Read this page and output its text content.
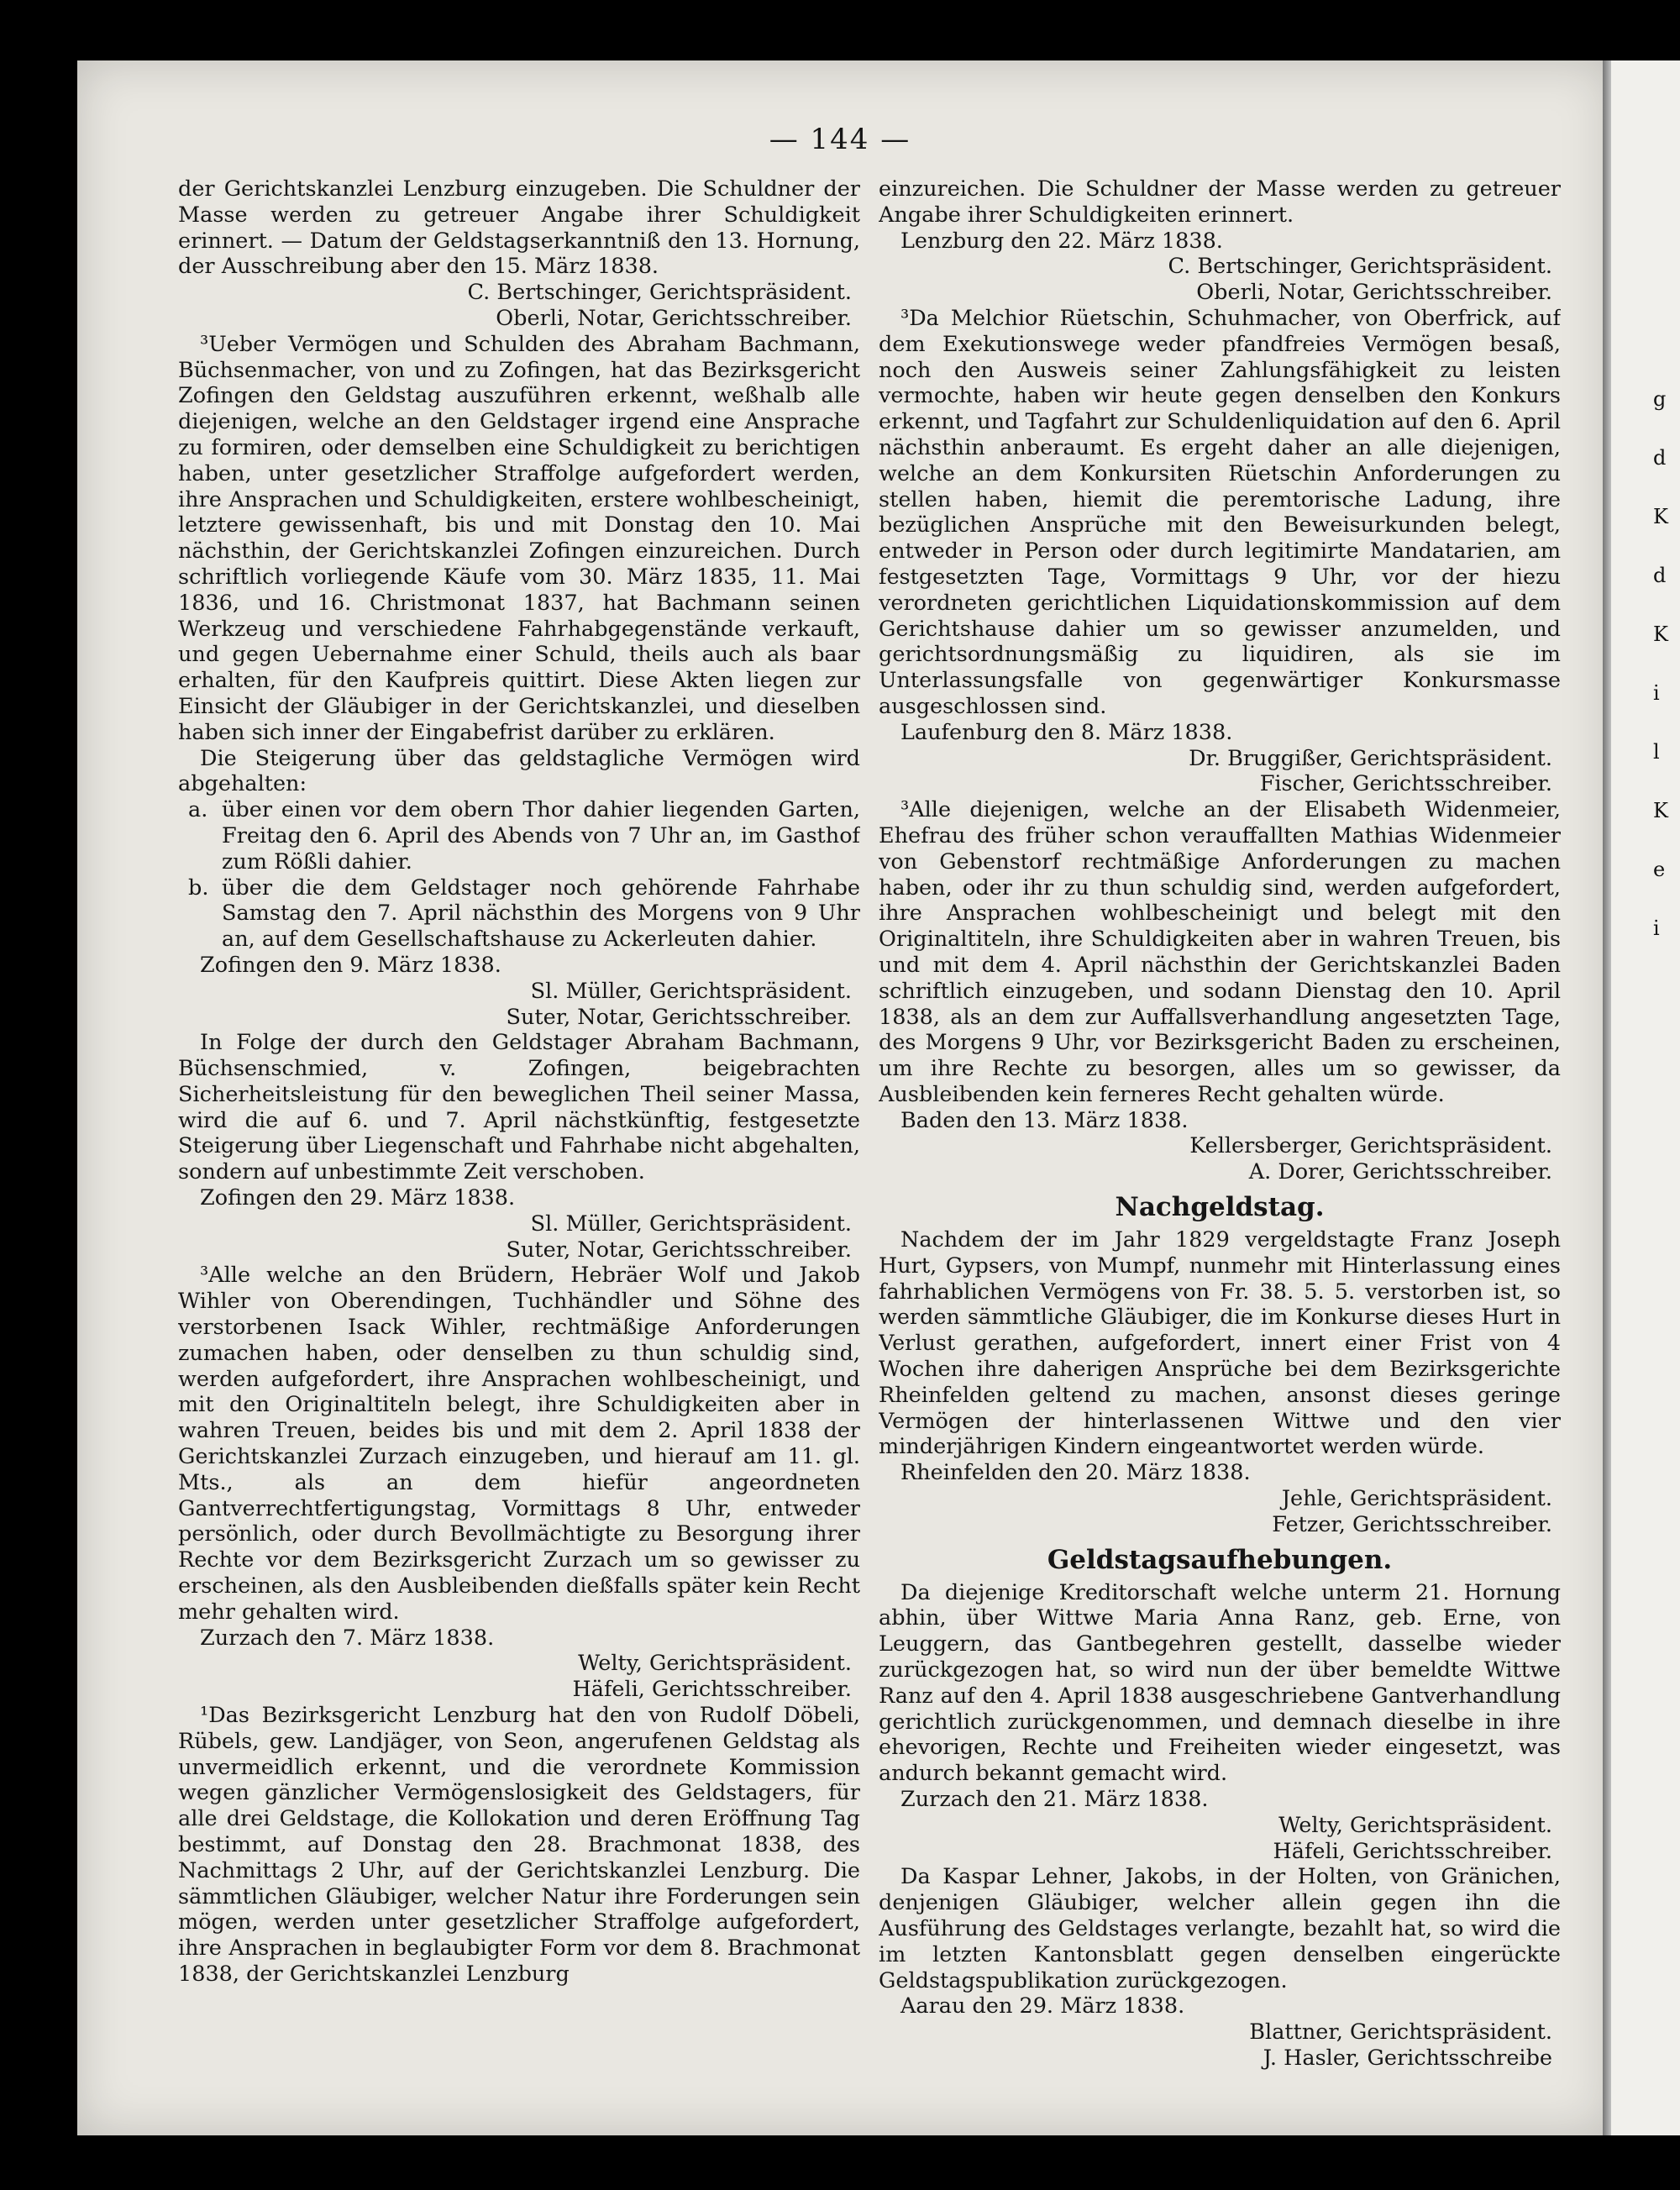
g
d
K
d
K
i
l
K
e
i
— 144 —

der Gerichtskanzlei Lenzburg einzugeben. Die Schuldner der Masse werden zu getreuer Angabe ihrer Schuldigkeit erinnert. — Datum der Geldstagserkanntniß den 13. Hornung, der Ausschreibung aber den 15. März 1838.

C. Bertschinger, Gerichtspräsident.

Oberli, Notar, Gerichtsschreiber.

³Ueber Vermögen und Schulden des Abraham Bachmann, Büchsenmacher, von und zu Zofingen, hat das Bezirksgericht Zofingen den Geldstag auszuführen erkennt, weßhalb alle diejenigen, welche an den Geldstager irgend eine Ansprache zu formiren, oder demselben eine Schuldigkeit zu berichtigen haben, unter gesetzlicher Straffolge aufgefordert werden, ihre Ansprachen und Schuldigkeiten, erstere wohlbescheinigt, letztere gewissenhaft, bis und mit Donstag den 10. Mai nächsthin, der Gerichtskanzlei Zofingen einzureichen. Durch schriftlich vorliegende Käufe vom 30. März 1835, 11. Mai 1836, und 16. Christmonat 1837, hat Bachmann seinen Werkzeug und verschiedene Fahrhabgegenstände verkauft, und gegen Uebernahme einer Schuld, theils auch als baar erhalten, für den Kaufpreis quittirt. Diese Akten liegen zur Einsicht der Gläubiger in der Gerichtskanzlei, und dieselben haben sich inner der Eingabefrist darüber zu erklären.

Die Steigerung über das geldstagliche Vermögen wird abgehalten:

a. über einen vor dem obern Thor dahier liegenden Garten, Freitag den 6. April des Abends von 7 Uhr an, im Gasthof zum Rößli dahier.
b. über die dem Geldstager noch gehörende Fahrhabe Samstag den 7. April nächsthin des Morgens von 9 Uhr an, auf dem Gesellschaftshause zu Ackerleuten dahier.

Zofingen den 9. März 1838.

Sl. Müller, Gerichtspräsident.

Suter, Notar, Gerichtsschreiber.

In Folge der durch den Geldstager Abraham Bachmann, Büchsenschmied, v. Zofingen, beigebrachten Sicherheitsleistung für den beweglichen Theil seiner Massa, wird die auf 6. und 7. April nächstkünftig, festgesetzte Steigerung über Liegenschaft und Fahrhabe nicht abgehalten, sondern auf unbestimmte Zeit verschoben.

Zofingen den 29. März 1838.

Sl. Müller, Gerichtspräsident.

Suter, Notar, Gerichtsschreiber.

³Alle welche an den Brüdern, Hebräer Wolf und Jakob Wihler von Oberendingen, Tuchhändler und Söhne des verstorbenen Isack Wihler, rechtmäßige Anforderungen zumachen haben, oder denselben zu thun schuldig sind, werden aufgefordert, ihre Ansprachen wohlbescheinigt, und mit den Originaltiteln belegt, ihre Schuldigkeiten aber in wahren Treuen, beides bis und mit dem 2. April 1838 der Gerichtskanzlei Zurzach einzugeben, und hierauf am 11. gl. Mts., als an dem hiefür angeordneten Gantverrechtfertigungstag, Vormittags 8 Uhr, entweder persönlich, oder durch Bevollmächtigte zu Besorgung ihrer Rechte vor dem Bezirksgericht Zurzach um so gewisser zu erscheinen, als den Ausbleibenden dießfalls später kein Recht mehr gehalten wird.

Zurzach den 7. März 1838.

Welty, Gerichtspräsident.

Häfeli, Gerichtsschreiber.

¹Das Bezirksgericht Lenzburg hat den von Rudolf Döbeli, Rübels, gew. Landjäger, von Seon, angerufenen Geldstag als unvermeidlich erkennt, und die verordnete Kommission wegen gänzlicher Vermögenslosigkeit des Geldstagers, für alle drei Geldstage, die Kollokation und deren Eröffnung Tag bestimmt, auf Donstag den 28. Brachmonat 1838, des Nachmittags 2 Uhr, auf der Gerichtskanzlei Lenzburg. Die sämmtlichen Gläubiger, welcher Natur ihre Forderungen sein mögen, werden unter gesetzlicher Straffolge aufgefordert, ihre Ansprachen in beglaubigter Form vor dem 8. Brachmonat 1838, der Gerichtskanzlei Lenzburg

einzureichen. Die Schuldner der Masse werden zu getreuer Angabe ihrer Schuldigkeiten erinnert.

Lenzburg den 22. März 1838.

C. Bertschinger, Gerichtspräsident.

Oberli, Notar, Gerichtsschreiber.

³Da Melchior Rüetschin, Schuhmacher, von Oberfrick, auf dem Exekutionswege weder pfandfreies Vermögen besaß, noch den Ausweis seiner Zahlungsfähigkeit zu leisten vermochte, haben wir heute gegen denselben den Konkurs erkennt, und Tagfahrt zur Schuldenliquidation auf den 6. April nächsthin anberaumt. Es ergeht daher an alle diejenigen, welche an dem Konkursiten Rüetschin Anforderungen zu stellen haben, hiemit die peremtorische Ladung, ihre bezüglichen Ansprüche mit den Beweisurkunden belegt, entweder in Person oder durch legitimirte Mandatarien, am festgesetzten Tage, Vormittags 9 Uhr, vor der hiezu verordneten gerichtlichen Liquidationskommission auf dem Gerichtshause dahier um so gewisser anzumelden, und gerichtsordnungsmäßig zu liquidiren, als sie im Unterlassungsfalle von gegenwärtiger Konkursmasse ausgeschlossen sind.

Laufenburg den 8. März 1838.

Dr. Bruggißer, Gerichtspräsident.

Fischer, Gerichtsschreiber.

³Alle diejenigen, welche an der Elisabeth Widenmeier, Ehefrau des früher schon verauffallten Mathias Widenmeier von Gebenstorf rechtmäßige Anforderungen zu machen haben, oder ihr zu thun schuldig sind, werden aufgefordert, ihre Ansprachen wohlbescheinigt und belegt mit den Originaltiteln, ihre Schuldigkeiten aber in wahren Treuen, bis und mit dem 4. April nächsthin der Gerichtskanzlei Baden schriftlich einzugeben, und sodann Dienstag den 10. April 1838, als an dem zur Auffallsverhandlung angesetzten Tage, des Morgens 9 Uhr, vor Bezirksgericht Baden zu erscheinen, um ihre Rechte zu besorgen, alles um so gewisser, da Ausbleibenden kein ferneres Recht gehalten würde.

Baden den 13. März 1838.

Kellersberger, Gerichtspräsident.

A. Dorer, Gerichtsschreiber.

Nachgeldstag.

Nachdem der im Jahr 1829 vergeldstagte Franz Joseph Hurt, Gypsers, von Mumpf, nunmehr mit Hinterlassung eines fahrhablichen Vermögens von Fr. 38. 5. 5. verstorben ist, so werden sämmtliche Gläubiger, die im Konkurse dieses Hurt in Verlust gerathen, aufgefordert, innert einer Frist von 4 Wochen ihre daherigen Ansprüche bei dem Bezirksgerichte Rheinfelden geltend zu machen, ansonst dieses geringe Vermögen der hinterlassenen Wittwe und den vier minderjährigen Kindern eingeantwortet werden würde.

Rheinfelden den 20. März 1838.

Jehle, Gerichtspräsident.

Fetzer, Gerichtsschreiber.

Geldstagsaufhebungen.

Da diejenige Kreditorschaft welche unterm 21. Hornung abhin, über Wittwe Maria Anna Ranz, geb. Erne, von Leuggern, das Gantbegehren gestellt, dasselbe wieder zurückgezogen hat, so wird nun der über bemeldte Wittwe Ranz auf den 4. April 1838 ausgeschriebene Gantverhandlung gerichtlich zurückgenommen, und demnach dieselbe in ihre ehevorigen, Rechte und Freiheiten wieder eingesetzt, was andurch bekannt gemacht wird.

Zurzach den 21. März 1838.

Welty, Gerichtspräsident.

Häfeli, Gerichtsschreiber.

Da Kaspar Lehner, Jakobs, in der Holten, von Gränichen, denjenigen Gläubiger, welcher allein gegen ihn die Ausführung des Geldstages verlangte, bezahlt hat, so wird die im letzten Kantonsblatt gegen denselben eingerückte Geldstagspublikation zurückgezogen.

Aarau den 29. März 1838.

Blattner, Gerichtspräsident.

J. Hasler, Gerichtsschreibe
